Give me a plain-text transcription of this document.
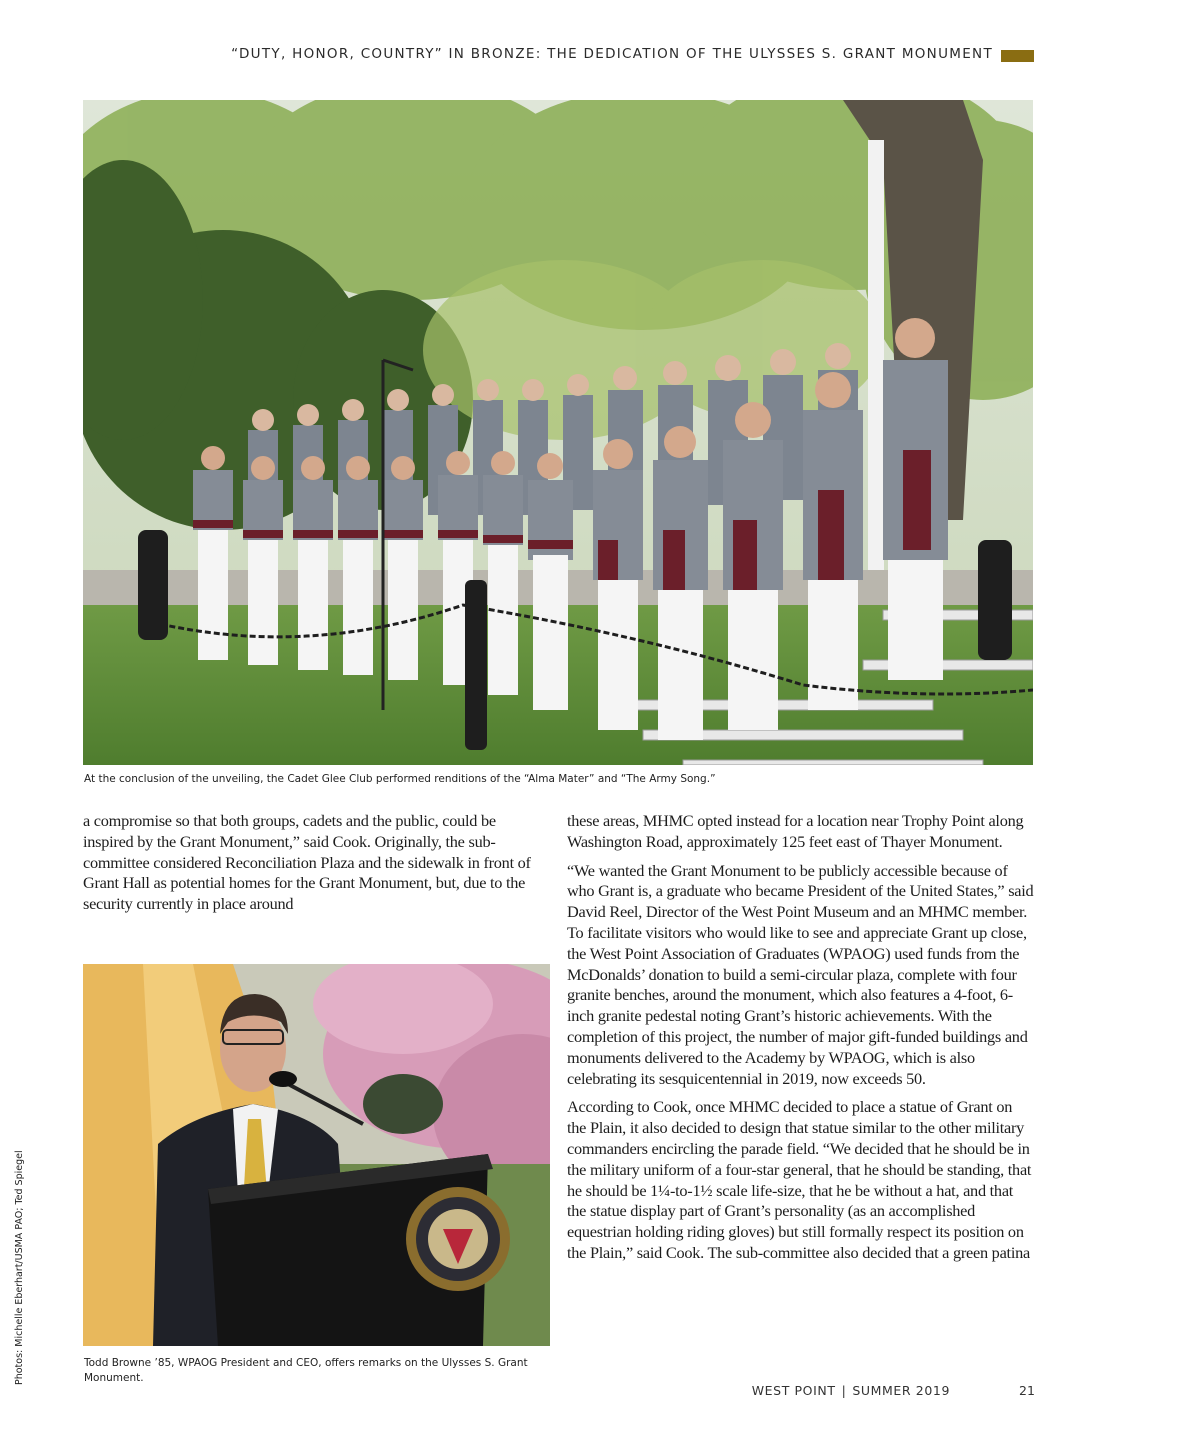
“DUTY, HONOR, COUNTRY” IN BRONZE: THE DEDICATION OF THE ULYSSES S. GRANT MONUMENT
At the conclusion of the unveiling, the Cadet Glee Club performed renditions of the “Alma Mater” and “The Army Song.”

a compromise so that both groups, cadets and the public, could be inspired by the Grant Monument,” said Cook. Originally, the sub-committee considered Reconciliation Plaza and the sidewalk in front of Grant Hall as potential homes for the Grant Monument, but, due to the security currently in place around

these areas, MHMC opted instead for a location near Trophy Point along Washington Road, approximately 125 feet east of Thayer Monument.

“We wanted the Grant Monument to be publicly accessible because of who Grant is, a graduate who became President of the United States,” said David Reel, Director of the West Point Museum and an MHMC member. To facilitate visitors who would like to see and appreciate Grant up close, the West Point Association of Graduates (WPAOG) used funds from the McDonalds’ donation to build a semi-circular plaza, complete with four granite benches, around the monument, which also features a 4-foot, 6-inch granite pedestal noting Grant’s historic achievements. With the completion of this project, the number of major gift-funded buildings and monuments delivered to the Academy by WPAOG, which is also celebrating its sesquicentennial in 2019, now exceeds 50.

According to Cook, once MHMC decided to place a statue of Grant on the Plain, it also decided to design that statue similar to the other military commanders encircling the parade field. “We decided that he should be in the military uniform of a four-star general, that he should be standing, that he should be 1¼-to-1½ scale life-size, that he be without a hat, and that the statue display part of Grant’s personality (as an accomplished equestrian holding riding gloves) but still formally respect its position on the Plain,” said Cook. The sub-committee also decided that a green patina

Todd Browne ’85, WPAOG President and CEO, offers remarks on the Ulysses S. Grant Monument.
Photos: Michelle Eberhart/USMA PAO; Ted Spiegel
WEST POINT | SUMMER 2019	21
